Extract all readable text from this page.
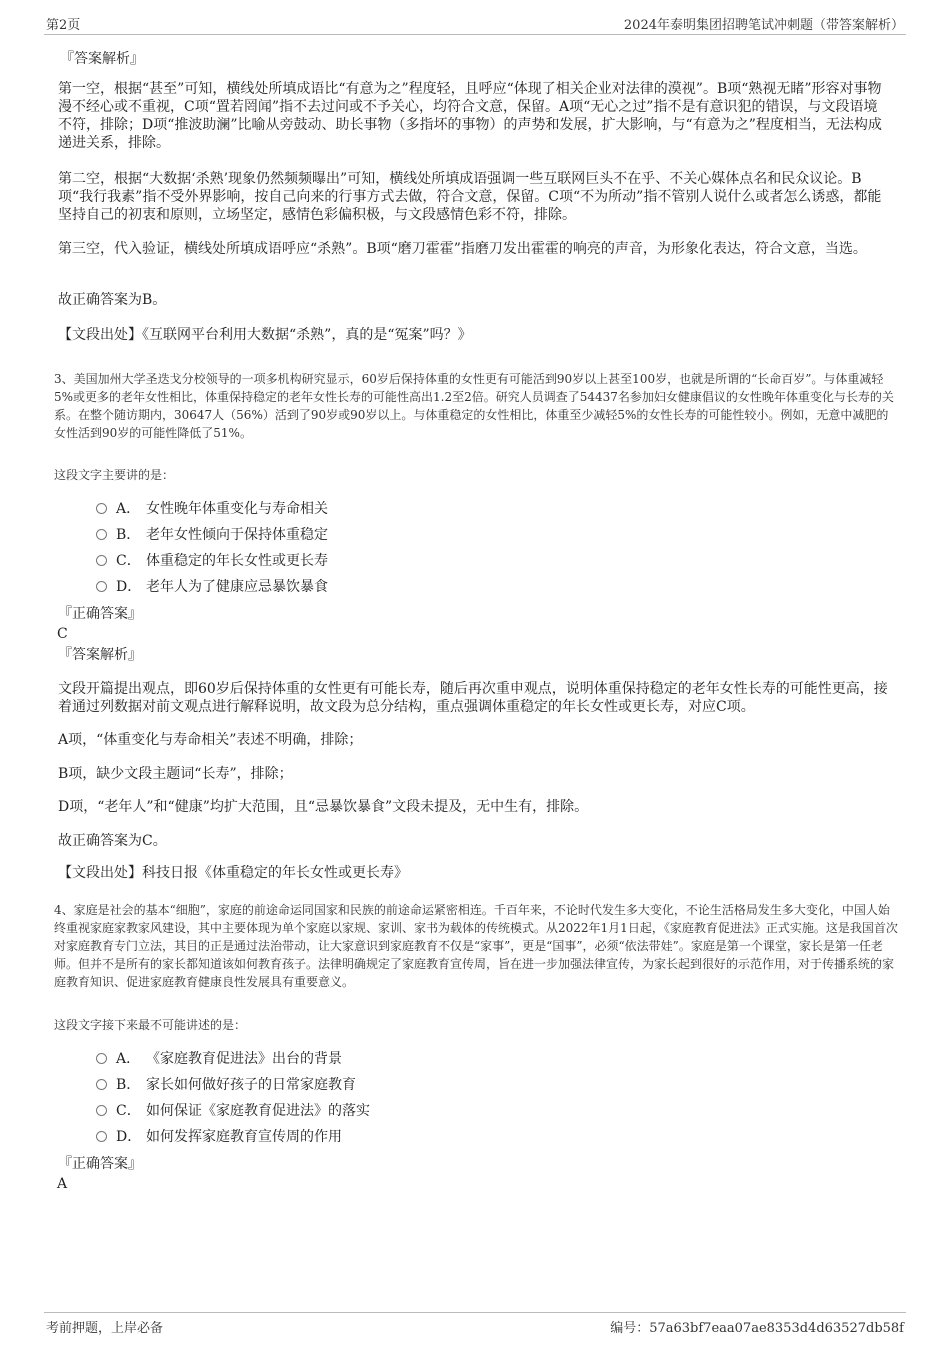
第2页	2024年泰明集团招聘笔试冲刺题（带答案解析）
『答案解析』
第一空，根据“甚至”可知，横线处所填成语比“有意为之”程度轻，且呼应“体现了相关企业对法律的漠视”。B项“熟视无睹”形容对事物漫不经心或不重视，C项“置若罔闻”指不去过问或不予关心，均符合文意，保留。A项“无心之过”指不是有意识犯的错误，与文段语境不符，排除；D项“推波助澜”比喻从旁鼓动、助长事物（多指坏的事物）的声势和发展，扩大影响，与“有意为之”程度相当，无法构成递进关系，排除。
第二空，根据“大数据‘杀熟’现象仍然频频曝出”可知，横线处所填成语强调一些互联网巨头不在乎、不关心媒体点名和民众议论。B项“我行我素”指不受外界影响，按自己向来的行事方式去做，符合文意，保留。C项“不为所动”指不管别人说什么或者怎么诱惑，都能坚持自己的初衷和原则，立场坚定，感情色彩偏积极，与文段感情色彩不符，排除。
第三空，代入验证，横线处所填成语呼应“杀熟”。B项“磨刀霍霍”指磨刀发出霍霍的响亮的声音，为形象化表达，符合文意，当选。
故正确答案为B。
【文段出处】《互联网平台利用大数据“杀熟”，真的是“冤案”吗？》
3、美国加州大学圣迭戈分校领导的一项多机构研究显示，60岁后保持体重的女性更有可能活到90岁以上甚至100岁，也就是所谓的“长命百岁”。与体重减轻5%或更多的老年女性相比，体重保持稳定的老年女性长寿的可能性高出1.2至2倍。研究人员调查了54437名参加妇女健康倡议的女性晚年体重变化与长寿的关系。在整个随访期内，30647人（56%）活到了90岁或90岁以上。与体重稳定的女性相比，体重至少减轻5%的女性长寿的可能性较小。例如，无意中减肥的女性活到90岁的可能性降低了51%。
这段文字主要讲的是：
A． 女性晚年体重变化与寿命相关
B． 老年女性倾向于保持体重稳定
C． 体重稳定的年长女性或更长寿
D． 老年人为了健康应忌暴饮暴食
『正确答案』
C
『答案解析』
文段开篇提出观点，即60岁后保持体重的女性更有可能长寿，随后再次重申观点，说明体重保持稳定的老年女性长寿的可能性更高，接着通过列数据对前文观点进行解释说明，故文段为总分结构，重点强调体重稳定的年长女性或更长寿，对应C项。
A项，“体重变化与寿命相关”表述不明确，排除；
B项，缺少文段主题词“长寿”，排除；
D项，“老年人”和“健康”均扩大范围，且“忌暴饮暴食”文段未提及，无中生有，排除。
故正确答案为C。
【文段出处】科技日报《体重稳定的年长女性或更长寿》
4、家庭是社会的基本“细胞”，家庭的前途命运同国家和民族的前途命运紧密相连。千百年来，不论时代发生多大变化，不论生活格局发生多大变化，中国人始终重视家庭家教家风建设，其中主要体现为单个家庭以家规、家训、家书为载体的传统模式。从2022年1月1日起，《家庭教育促进法》正式实施。这是我国首次对家庭教育专门立法，其目的正是通过法治带动，让大家意识到家庭教育不仅是“家事”，更是“国事”，必须“依法带娃”。家庭是第一个课堂，家长是第一任老师。但并不是所有的家长都知道该如何教育孩子。法律明确规定了家庭教育宣传周，旨在进一步加强法律宣传，为家长起到很好的示范作用，对于传播系统的家庭教育知识、促进家庭教育健康良性发展具有重要意义。
这段文字接下来最不可能讲述的是：
A． 《家庭教育促进法》出台的背景
B． 家长如何做好孩子的日常家庭教育
C． 如何保证《家庭教育促进法》的落实
D． 如何发挥家庭教育宣传周的作用
『正确答案』
A
考前押题，上岸必备	编号：57a63bf7eaa07ae8353d4d63527db58f
